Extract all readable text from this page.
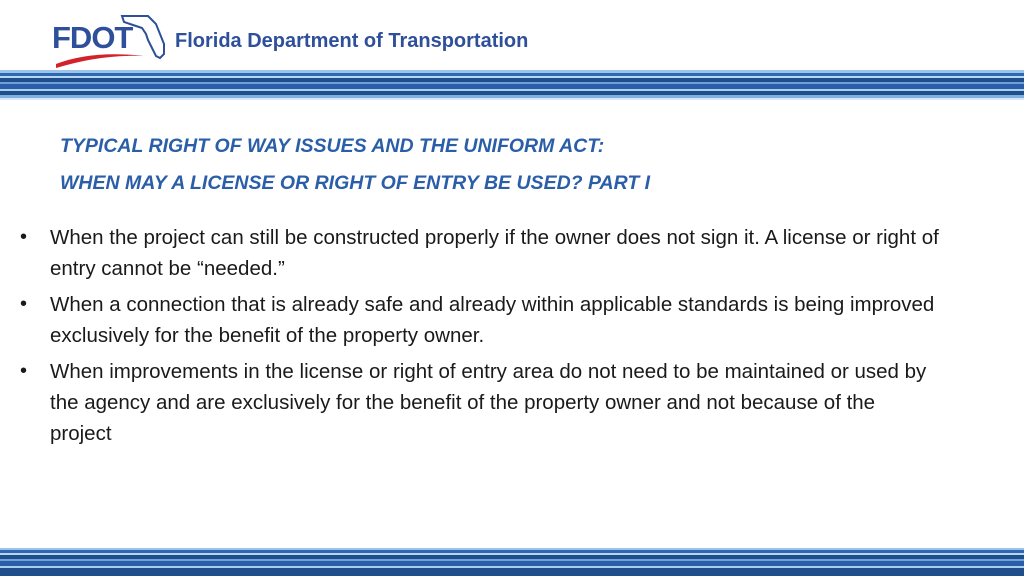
FDOT Florida Department of Transportation
TYPICAL RIGHT OF WAY ISSUES AND THE UNIFORM ACT:
WHEN MAY A LICENSE OR RIGHT OF ENTRY BE USED? PART I
•	When the project can still be constructed properly if the owner does not sign it. A license or right of entry cannot be “needed.”
•	When a connection that is already safe and already within applicable standards is being improved exclusively for the benefit of the property owner.
•	When improvements in the license or right of entry area do not need to be maintained or used by the agency and are exclusively for the benefit of the property owner and not because of the project
